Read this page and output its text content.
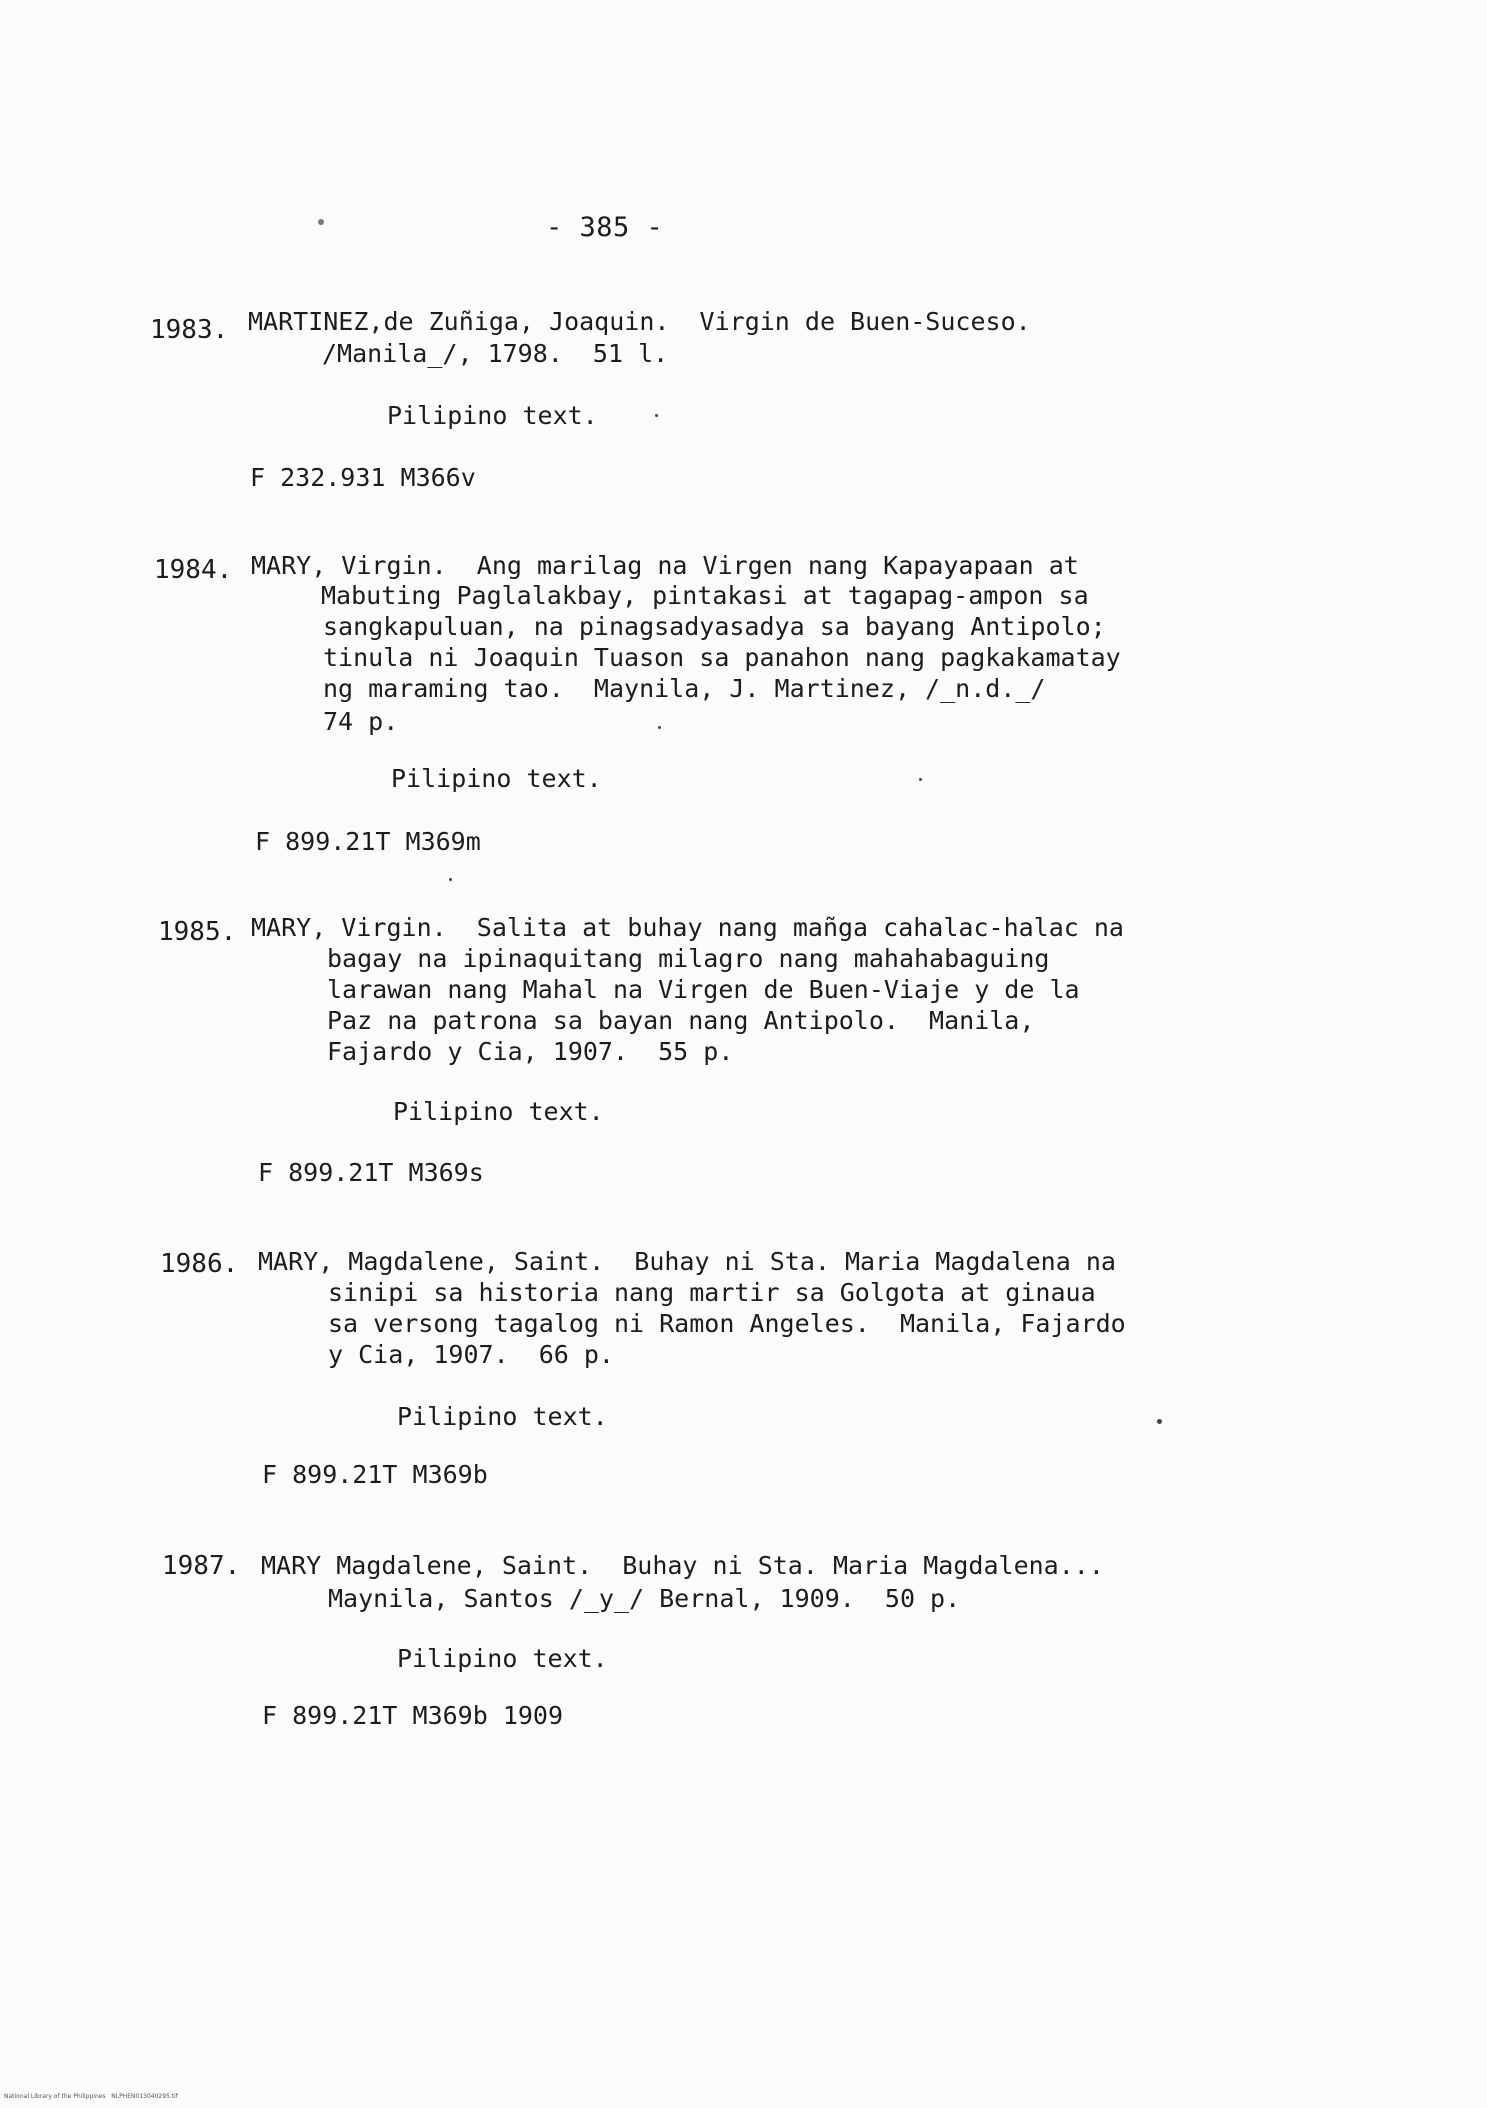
- 385 -
1983. MARTINEZ,de Zuñiga, Joaquin.  Virgin de Buen-Suceso.
/Manila_/, 1798.  51 l.
Pilipino text.
F 232.931 M366v
1984. MARY, Virgin.  Ang marilag na Virgen nang Kapayapaan at
Mabuting Paglalakbay, pintakasi at tagapag-ampon sa
sangkapuluan, na pinagsadyasadya sa bayang Antipolo;
tinula ni Joaquin Tuason sa panahon nang pagkakamatay
ng maraming tao.  Maynila, J. Martinez, /_n.d._/
74 p.
Pilipino text.
F 899.21T M369m
1985. MARY, Virgin.  Salita at buhay nang mañga cahalac-halac na
bagay na ipinaquitang milagro nang mahahabaguing
larawan nang Mahal na Virgen de Buen-Viaje y de la
Paz na patrona sa bayan nang Antipolo.  Manila,
Fajardo y Cia, 1907.  55 p.
Pilipino text.
F 899.21T M369s
1986. MARY, Magdalene, Saint.  Buhay ni Sta. Maria Magdalena na
sinipi sa historia nang martir sa Golgota at ginaua
sa versong tagalog ni Ramon Angeles.  Manila, Fajardo
y Cia, 1907.  66 p.
Pilipino text.
F 899.21T M369b
1987. MARY Magdalene, Saint.  Buhay ni Sta. Maria Magdalena...
Maynila, Santos /_y_/ Bernal, 1909.  50 p.
Pilipino text.
F 899.21T M369b 1909
National Library of the Philippines   NLPHEN013040295.tif
